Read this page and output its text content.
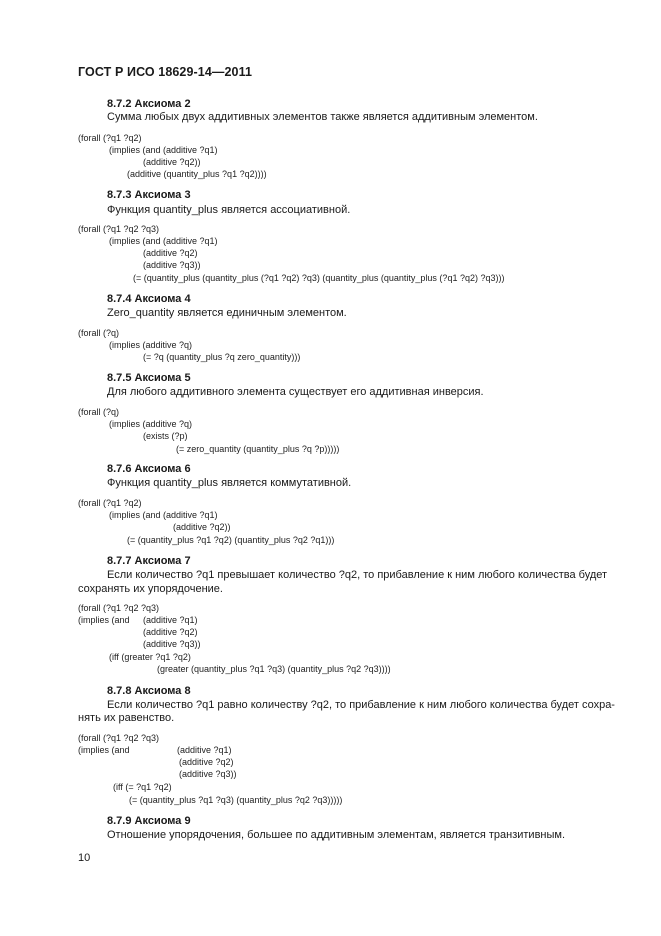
ГОСТ Р ИСО 18629-14—2011
8.7.2 Аксиома 2
Сумма любых двух аддитивных элементов также является аддитивным элементом.
(forall (?q1 ?q2)
(implies (and (additive ?q1)
(additive ?q2))
(additive (quantity_plus ?q1 ?q2))))
8.7.3 Аксиома 3
Функция quantity_plus является ассоциативной.
(forall (?q1 ?q2 ?q3)
(implies (and (additive ?q1)
(additive ?q2)
(additive ?q3))
(= (quantity_plus (quantity_plus (?q1 ?q2) ?q3) (quantity_plus (quantity_plus (?q1 ?q2) ?q3)))
8.7.4 Аксиома 4
Zero_quantity является единичным элементом.
(forall (?q)
(implies (additive ?q)
(= ?q (quantity_plus ?q zero_quantity)))
8.7.5 Аксиома 5
Для любого аддитивного элемента существует его аддитивная инверсия.
(forall (?q)
(implies (additive ?q)
(exists (?p)
(= zero_quantity (quantity_plus ?q ?p)))))
8.7.6 Аксиома 6
Функция quantity_plus является коммутативной.
(forall (?q1 ?q2)
(implies (and (additive ?q1)
(additive ?q2))
(= (quantity_plus ?q1 ?q2) (quantity_plus ?q2 ?q1)))
8.7.7 Аксиома 7
Если количество ?q1 превышает количество ?q2, то прибавление к ним любого количества будет
сохранять их упорядочение.
(forall (?q1 ?q2 ?q3)
(implies (and (additive ?q1)
(additive ?q2)
(additive ?q3))
(iff (greater ?q1 ?q2)
(greater (quantity_plus ?q1 ?q3) (quantity_plus ?q2 ?q3))))
8.7.8 Аксиома 8
Если количество ?q1 равно количеству ?q2, то прибавление к ним любого количества будет сохра-
нять их равенство.
(forall (?q1 ?q2 ?q3)
(implies (and	(additive ?q1)
(additive ?q2)
(additive ?q3))
(iff (= ?q1 ?q2)
(= (quantity_plus ?q1 ?q3) (quantity_plus ?q2 ?q3)))))
8.7.9 Аксиома 9
Отношение упорядочения, большее по аддитивным элементам, является транзитивным.
10
